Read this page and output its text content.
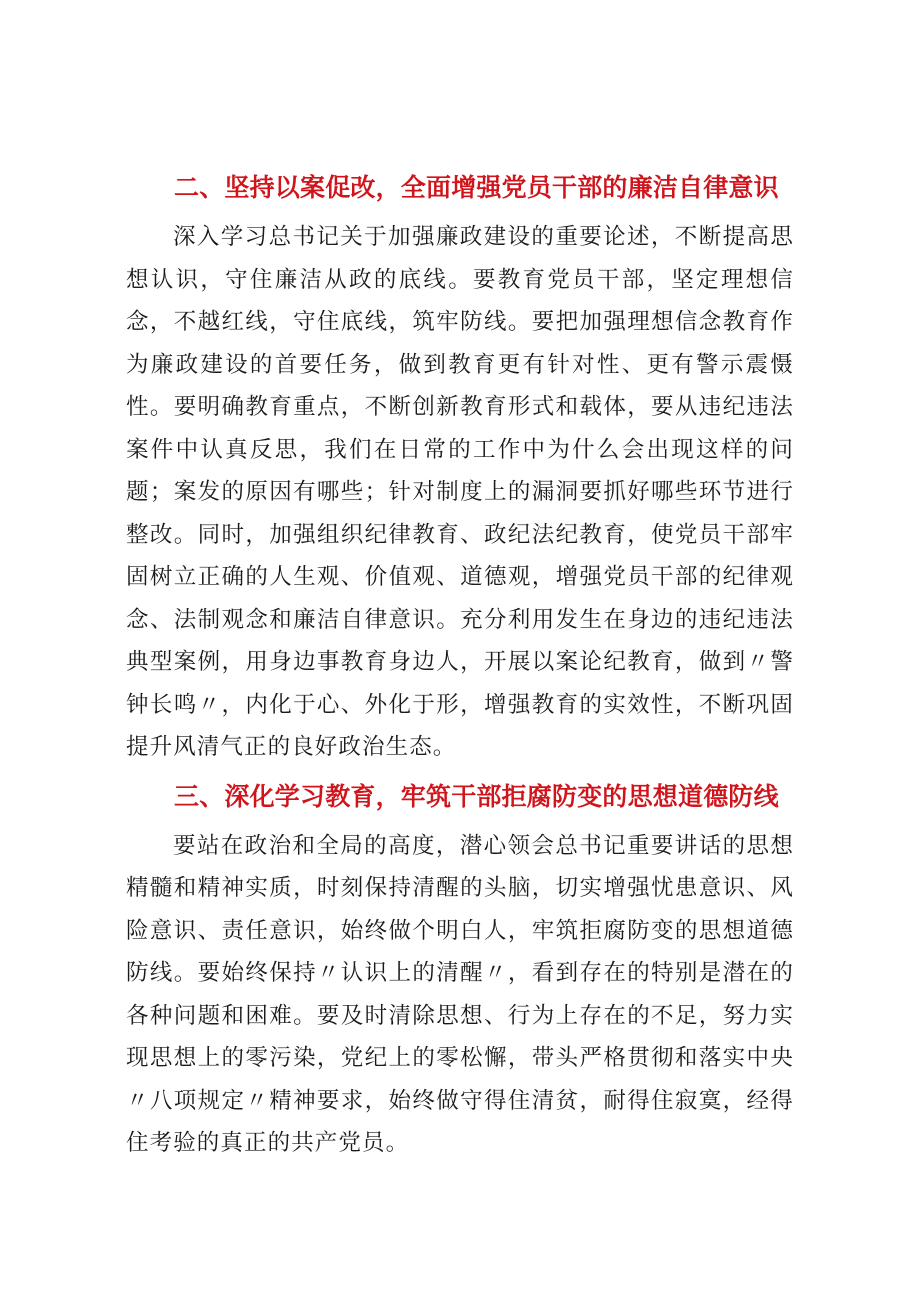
二、坚持以案促改，全面增强党员干部的廉洁自律意识

深入学习总书记关于加强廉政建设的重要论述，不断提高思想认识，守住廉洁从政的底线。要教育党员干部，坚定理想信念，不越红线，守住底线，筑牢防线。要把加强理想信念教育作为廉政建设的首要任务，做到教育更有针对性、更有警示震慑性。要明确教育重点，不断创新教育形式和载体，要从违纪违法案件中认真反思，我们在日常的工作中为什么会出现这样的问题；案发的原因有哪些；针对制度上的漏洞要抓好哪些环节进行整改。同时，加强组织纪律教育、政纪法纪教育，使党员干部牢固树立正确的人生观、价值观、道德观，增强党员干部的纪律观念、法制观念和廉洁自律意识。充分利用发生在身边的违纪违法典型案例，用身边事教育身边人，开展以案论纪教育，做到〃警钟长鸣〃，内化于心、外化于形，增强教育的实效性，不断巩固提升风清气正的良好政治生态。

三、深化学习教育，牢筑干部拒腐防变的思想道德防线

要站在政治和全局的高度，潜心领会总书记重要讲话的思想精髓和精神实质，时刻保持清醒的头脑，切实增强忧患意识、风险意识、责任意识，始终做个明白人，牢筑拒腐防变的思想道德防线。要始终保持〃认识上的清醒〃，看到存在的特别是潜在的各种问题和困难。要及时清除思想、行为上存在的不足，努力实现思想上的零污染，党纪上的零松懈，带头严格贯彻和落实中央〃八项规定〃精神要求，始终做守得住清贫，耐得住寂寞，经得住考验的真正的共产党员。
